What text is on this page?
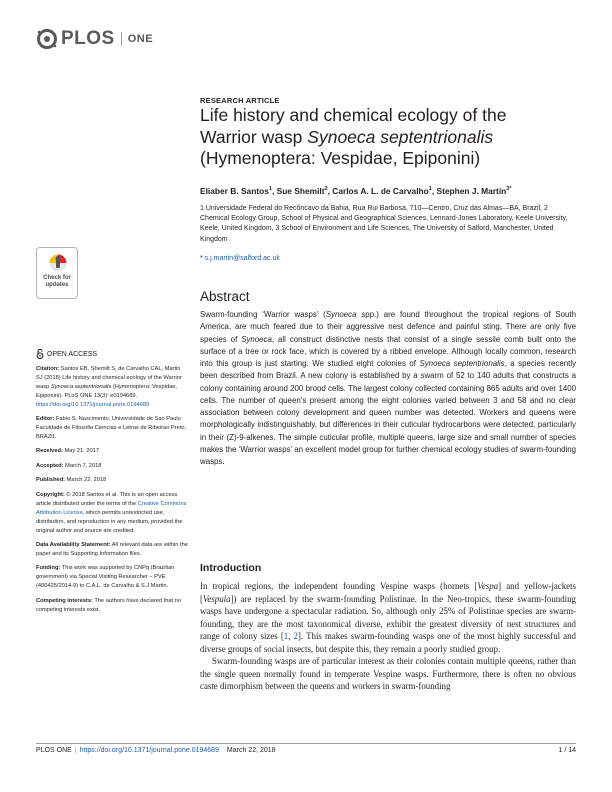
PLOS ONE
RESEARCH ARTICLE
Life history and chemical ecology of the
Warrior wasp Synoeca septentrionalis
(Hymenoptera: Vespidae, Epiponini)
Eliaber B. Santos$^1$, Sue Shemilt$^2$, Carlos A. L. de Carvalho$^1$, Stephen J. Martin$^{3*}$
1 Universidade Federal do Recôncavo da Bahia, Rua Rui Barbosa, 710—Centro, Cruz das Almas—BA, Brazil, 2 Chemical Ecology Group, School of Physical and Geographical Sciences, Lennard-Jones Laboratory, Keele University, Keele, United Kingdom, 3 School of Environment and Life Sciences, The University of Salford, Manchester, United Kingdom
* s.j.martin@salford.ac.uk
Check for updates
OPEN ACCESS

Citation: Santos EB, Shemilt S, de Carvalho CAL, Martin SJ (2018) Life history and chemical ecology of the Warrior wasp Synoeca septentrionalis (Hymenoptera: Vespidae, Epiponini). PLoS ONE 13(3): e0194689. https://doi.org/10.1371/journal.pone.0194689

Editor: Fabio S. Nascimento, Universidade de Sao Paulo Faculdade de Filosofia Ciencias e Letras de Ribeirao Preto, BRAZIL

Received: May 21, 2017

Accepted: March 7, 2018

Published: March 22, 2018

Copyright: © 2018 Santos et al. This is an open access article distributed under the terms of the Creative Commons Attribution License, which permits unrestricted use, distribution, and reproduction in any medium, provided the original author and source are credited.

Data Availability Statement: All relevant data are within the paper and its Supporting Information files.

Funding: This work was supported by CNPq (Brazilian government) via Special Visiting Researcher – PVE (400425/2014-9) to C.A.L. de Carvalho & S.J Martin.

Competing interests: The authors have declared that no competing interests exist.

Abstract
Swarm-founding ‘Warrior wasps’ (Synoeca spp.) are found throughout the tropical regions of South America, are much feared due to their aggressive nest defence and painful sting. There are only five species of Synoeca, all construct distinctive nests that consist of a single sessile comb built onto the surface of a tree or rock face, which is covered by a ribbed envelope. Although locally common, research into this group is just starting. We studied eight colonies of Synoeca septentrionalis, a species recently been described from Brazil. A new colony is established by a swarm of 52 to 140 adults that constructs a colony containing around 200 brood cells. The largest colony collected containing 865 adults and over 1400 cells. The number of queen’s present among the eight colonies varied between 3 and 58 and no clear association between colony development and queen number was detected. Workers and queens were morphologically indistinguishably, but differences in their cuticular hydrocarbons were detected, particularly in their (Z)-9-alkenes. The simple cuticular profile, multiple queens, large size and small number of species makes the ‘Warrior wasps’ an excellent model group for further chemical ecology studies of swarm-founding wasps.
Introduction

In tropical regions, the independent founding Vespine wasps (hornets [Vespa] and yellow-jackets [Vespula]) are replaced by the swarm-founding Polistinae. In the Neo-tropics, these swarm-founding wasps have undergone a spectacular radiation. So, although only 25% of Polistinae species are swarm-founding, they are the most taxonomical diverse, exhibit the greatest diversity of nest structures and range of colony sizes [1, 2]. This makes swarm-founding wasps one of the most highly successful and diverse groups of social insects, but despite this, they remain a poorly studied group.

Swarm-founding wasps are of particular interest as their colonies contain multiple queens, rather than the single queen normally found in temperate Vespine wasps. Furthermore, there is often no obvious caste dimorphism between the queens and workers in swarm-founding

PLOS ONE | https://doi.org/10.1371/journal.pone.0194689
March 22, 2018	1 / 14
